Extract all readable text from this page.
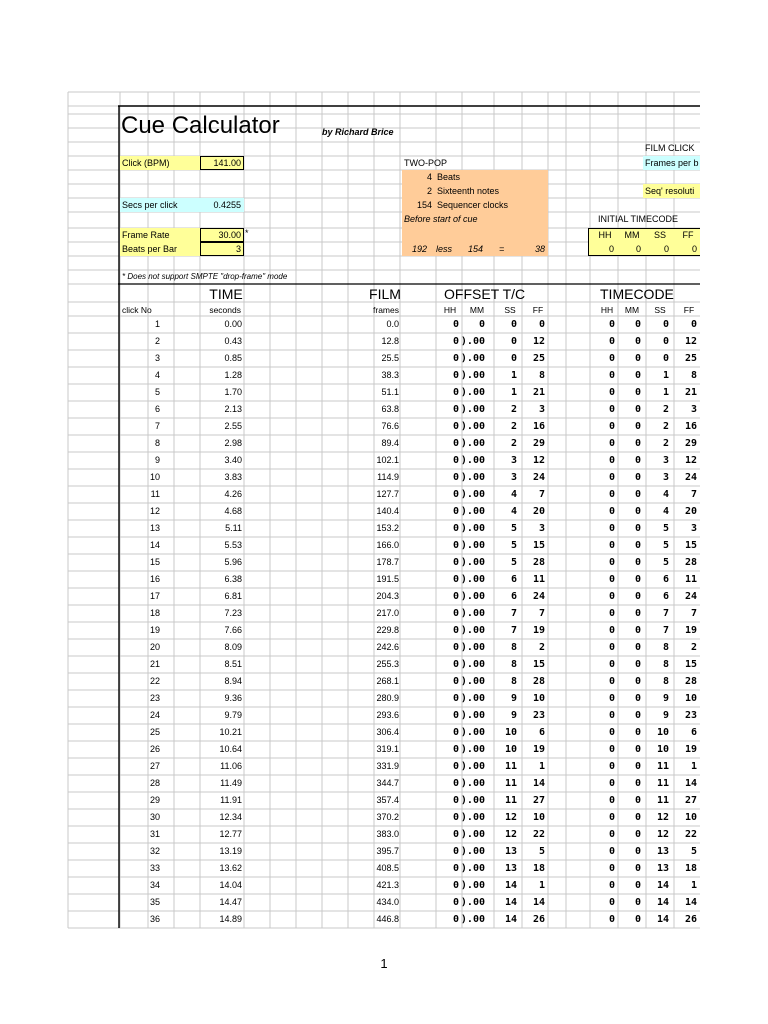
Cue Calculator	by Richard Brice
Click (BPM)	141.00
Secs per click	0.4255
Frame Rate	30.00 *
Beats per Bar	3
* Does not support SMPTE "drop-frame" mode
TWO-POP
4 Beats
2 Sixteenth notes
154 Sequencer clocks
Before start of cue
192 less	154 =	38
FILM CLICK
Frames per b
Seq' resoluti
INITIAL TIMECODE
HH	MM	SS	FF
0	0	0	0
TIME	FILM	OFFSET T/C	TIMECODE
click No	seconds	frames	HH	MM	SS	FF	HH	MM	SS	FF
1	0.00	0.0	0	0	0	0	0	0	0	0
2	0.43	12.8	0 ).00	0	12	0	0	0	12
3	0.85	25.5	0 ).00	0	25	0	0	0	25
4	1.28	38.3	0 ).00	1	8	0	0	1	8
5	1.70	51.1	0 ).00	1	21	0	0	1	21
6	2.13	63.8	0 ).00	2	3	0	0	2	3
7	2.55	76.6	0 ).00	2	16	0	0	2	16
8	2.98	89.4	0 ).00	2	29	0	0	2	29
9	3.40	102.1	0 ).00	3	12	0	0	3	12
10	3.83	114.9	0 ).00	3	24	0	0	3	24
11	4.26	127.7	0 ).00	4	7	0	0	4	7
12	4.68	140.4	0 ).00	4	20	0	0	4	20
13	5.11	153.2	0 ).00	5	3	0	0	5	3
14	5.53	166.0	0 ).00	5	15	0	0	5	15
15	5.96	178.7	0 ).00	5	28	0	0	5	28
16	6.38	191.5	0 ).00	6	11	0	0	6	11
17	6.81	204.3	0 ).00	6	24	0	0	6	24
18	7.23	217.0	0 ).00	7	7	0	0	7	7
19	7.66	229.8	0 ).00	7	19	0	0	7	19
20	8.09	242.6	0 ).00	8	2	0	0	8	2
21	8.51	255.3	0 ).00	8	15	0	0	8	15
22	8.94	268.1	0 ).00	8	28	0	0	8	28
23	9.36	280.9	0 ).00	9	10	0	0	9	10
24	9.79	293.6	0 ).00	9	23	0	0	9	23
25	10.21	306.4	0 ).00	10	6	0	0	10	6
26	10.64	319.1	0 ).00	10	19	0	0	10	19
27	11.06	331.9	0 ).00	11	1	0	0	11	1
28	11.49	344.7	0 ).00	11	14	0	0	11	14
29	11.91	357.4	0 ).00	11	27	0	0	11	27
30	12.34	370.2	0 ).00	12	10	0	0	12	10
31	12.77	383.0	0 ).00	12	22	0	0	12	22
32	13.19	395.7	0 ).00	13	5	0	0	13	5
33	13.62	408.5	0 ).00	13	18	0	0	13	18
34	14.04	421.3	0 ).00	14	1	0	0	14	1
35	14.47	434.0	0 ).00	14	14	0	0	14	14
36	14.89	446.8	0 ).00	14	26	0	0	14	26
1
